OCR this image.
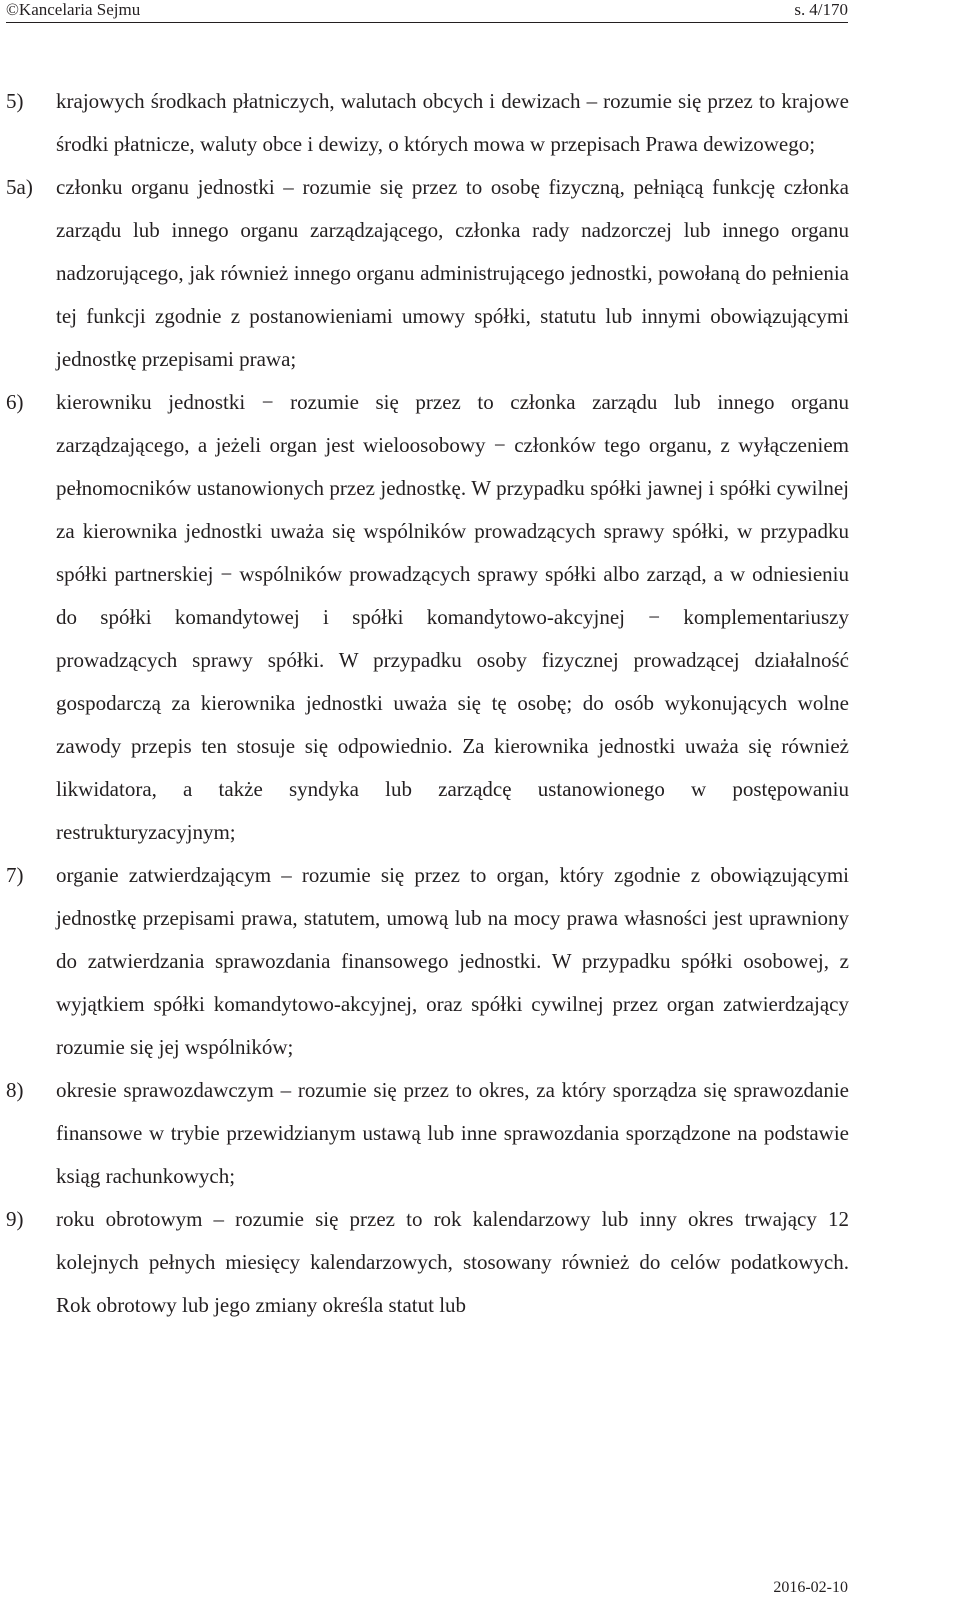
©Kancelaria Sejmu	s. 4/170
5) krajowych środkach płatniczych, walutach obcych i dewizach – rozumie się przez to krajowe środki płatnicze, waluty obce i dewizy, o których mowa w przepisach Prawa dewizowego;
5a) członku organu jednostki – rozumie się przez to osobę fizyczną, pełniącą funkcję członka zarządu lub innego organu zarządzającego, członka rady nadzorczej lub innego organu nadzorującego, jak również innego organu administrującego jednostki, powołaną do pełnienia tej funkcji zgodnie z postanowieniami umowy spółki, statutu lub innymi obowiązującymi jednostkę przepisami prawa;
6) kierowniku jednostki − rozumie się przez to członka zarządu lub innego organu zarządzającego, a jeżeli organ jest wieloosobowy − członków tego organu, z wyłączeniem pełnomocników ustanowionych przez jednostkę. W przypadku spółki jawnej i spółki cywilnej za kierownika jednostki uważa się wspólników prowadzących sprawy spółki, w przypadku spółki partnerskiej − wspólników prowadzących sprawy spółki albo zarząd, a w odniesieniu do spółki komandytowej i spółki komandytowo-akcyjnej − komplementariuszy prowadzących sprawy spółki. W przypadku osoby fizycznej prowadzącej działalność gospodarczą za kierownika jednostki uważa się tę osobę; do osób wykonujących wolne zawody przepis ten stosuje się odpowiednio. Za kierownika jednostki uważa się również likwidatora, a także syndyka lub zarządcę ustanowionego w postępowaniu restrukturyzacyjnym;
7) organie zatwierdzającym – rozumie się przez to organ, który zgodnie z obowiązującymi jednostkę przepisami prawa, statutem, umową lub na mocy prawa własności jest uprawniony do zatwierdzania sprawozdania finansowego jednostki. W przypadku spółki osobowej, z wyjątkiem spółki komandytowo-akcyjnej, oraz spółki cywilnej przez organ zatwierdzający rozumie się jej wspólników;
8) okresie sprawozdawczym – rozumie się przez to okres, za który sporządza się sprawozdanie finansowe w trybie przewidzianym ustawą lub inne sprawozdania sporządzone na podstawie ksiąg rachunkowych;
9) roku obrotowym – rozumie się przez to rok kalendarzowy lub inny okres trwający 12 kolejnych pełnych miesięcy kalendarzowych, stosowany również do celów podatkowych. Rok obrotowy lub jego zmiany określa statut lub
2016-02-10
